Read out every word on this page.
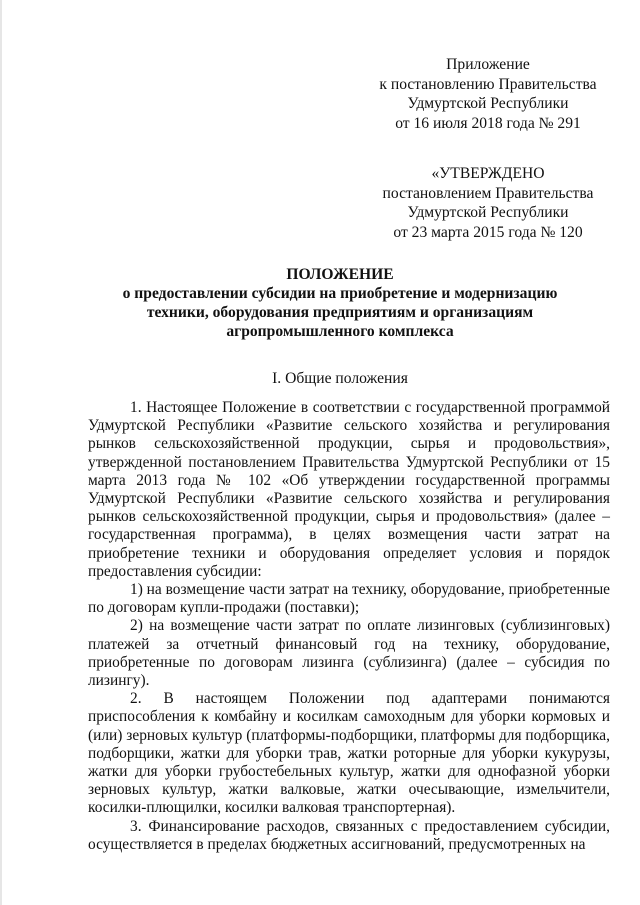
Приложение
к постановлению Правительства
Удмуртской Республики
от 16 июля 2018 года № 291
«УТВЕРЖДЕНО
постановлением Правительства
Удмуртской Республики
от 23 марта 2015 года № 120
ПОЛОЖЕНИЕ
о предоставлении субсидии на приобретение и модернизацию
техники, оборудования предприятиям и организациям
агропромышленного комплекса
I. Общие положения

1. Настоящее Положение в соответствии с государственной программой Удмуртской Республики «Развитие сельского хозяйства и регулирования рынков сельскохозяйственной продукции, сырья и продовольствия», утвержденной постановлением Правительства Удмуртской Республики от 15 марта 2013 года № 102 «Об утверждении государственной программы Удмуртской Республики «Развитие сельского хозяйства и регулирования рынков сельскохозяйственной продукции, сырья и продовольствия» (далее – государственная программа), в целях возмещения части затрат на приобретение техники и оборудования определяет условия и порядок предоставления субсидии:

1) на возмещение части затрат на технику, оборудование, приобретенные по договорам купли-продажи (поставки);

2) на возмещение части затрат по оплате лизинговых (сублизинговых) платежей за отчетный финансовый год на технику, оборудование, приобретенные по договорам лизинга (сублизинга) (далее – субсидия по лизингу).

2. В настоящем Положении под адаптерами понимаются приспособления к комбайну и косилкам самоходным для уборки кормовых и (или) зерновых культур (платформы-подборщики, платформы для подборщика, подборщики, жатки для уборки трав, жатки роторные для уборки кукурузы, жатки для уборки грубостебельных культур, жатки для однофазной уборки зерновых культур, жатки валковые, жатки очесывающие, измельчители, косилки-плющилки, косилки валковая транспортерная).

3. Финансирование расходов, связанных с предоставлением субсидии, осуществляется в пределах бюджетных ассигнований, предусмотренных на
